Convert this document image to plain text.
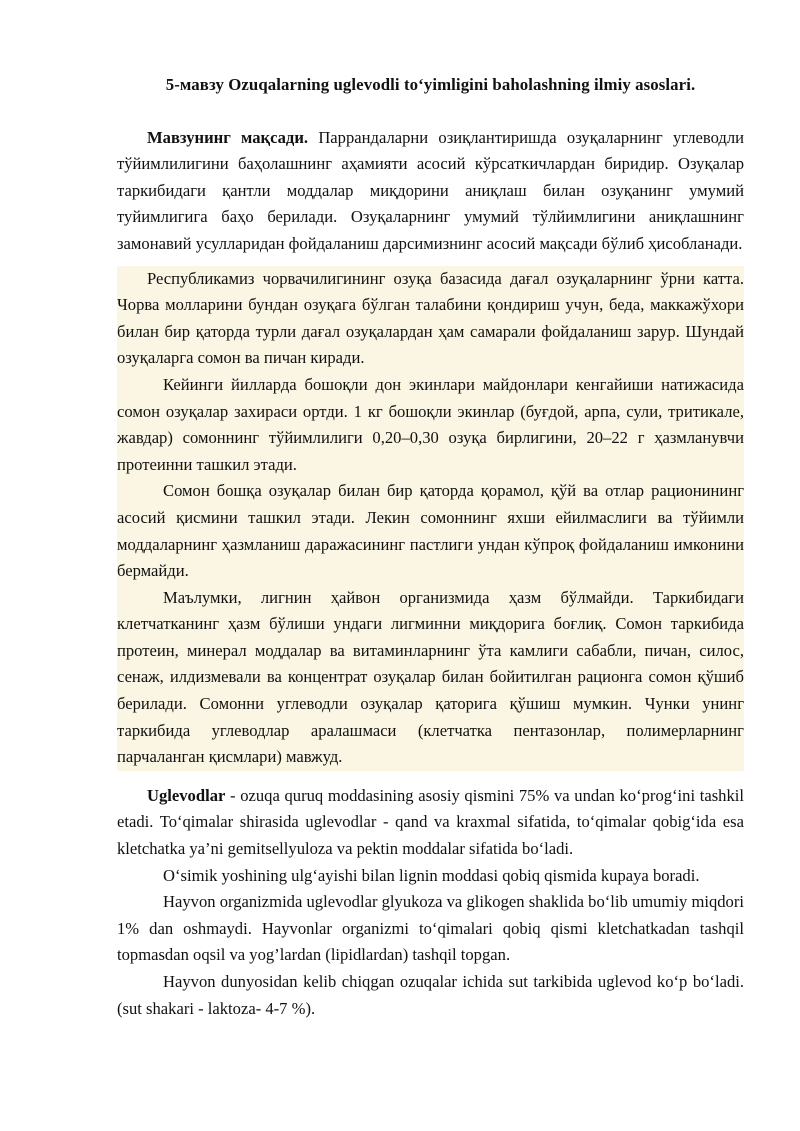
5-мавзу Ozuqalarning uglevodli to‘yimligini baholashning ilmiy asoslari.

Мавзунинг мақсади. Паррандаларни озиқлантиришда озуқаларнинг углеводли тўйимлилигини баҳолашнинг аҳамияти асосий кўрсаткичлардан биридир. Озуқалар таркибидаги қантли моддалар миқдорини аниқлаш билан озуқанинг умумий туйимлигига баҳо берилади. Озуқаларнинг умумий тўлйимлигини аниқлашнинг замонавий усулларидан фойдаланиш дарсимизнинг асосий мақсади бўлиб ҳисобланади.

Республикамиз чорвачилигининг озуқа базасида дағал озуқаларнинг ўрни катта. Чорва молларини бундан озуқага бўлган талабини қондириш учун, беда, маккажўхори билан бир қаторда турли дағал озуқалардан ҳам самарали фойдаланиш зарур. Шундай озуқаларга сомон ва пичан киради.

Кейинги йилларда бошоқли дон экинлари майдонлари кенгайиши натижасида сомон озуқалар захираси ортди. 1 кг бошоқли экинлар (буғдой, арпа, сули, тритикале, жавдар) сомоннинг тўйимлилиги 0,20–0,30 озуқа бирлигини, 20–22 г ҳазмланувчи протеинни ташкил этади.

Сомон бошқа озуқалар билан бир қаторда қорамол, қўй ва отлар рационининг асосий қисмини ташкил этади. Лекин сомоннинг яхши ейилмаслиги ва тўйимли моддаларнинг ҳазмланиш даражасининг пастлиги ундан кўпроқ фойдаланиш имконини бермайди.

Маълумки, лигнин ҳайвон организмида ҳазм бўлмайди. Таркибидаги клетчатканинг ҳазм бўлиши ундаги лигминни миқдорига боғлиқ. Сомон таркибида протеин, минерал моддалар ва витаминларнинг ўта камлиги сабабли, пичан, силос, сенаж, илдизмевали ва концентрат озуқалар билан бойитилган рационга сомон қўшиб берилади. Сомонни углеводли озуқалар қаторига қўшиш мумкин. Чунки унинг таркибида углеводлар аралашмаси (клетчатка пентазонлар, полимерларнинг парчаланган қисмлари) мавжуд.

Uglevodlar - ozuqa quruq moddasining asosiy qismini 75% va undan ko‘prog‘ini tashkil etadi. To‘qimalar shirasida uglevodlar - qand va kraxmal sifatida, to‘qimalar qobig‘ida esa kletchatka ya’ni gemitsellyuloza va pektin moddalar sifatida bo‘ladi.

O‘simik yoshining ulg‘ayishi bilan lignin moddasi qobiq qismida kupaya boradi.

Hayvon organizmida uglevodlar glyukoza va glikogen shaklida bo‘lib umumiy miqdori 1% dan oshmaydi. Hayvonlar organizmi to‘qimalari qobiq qismi kletchatkadan tashqil topmasdan oqsil va yog’lardan (lipidlardan) tashqil topgan.

Hayvon dunyosidan kelib chiqgan ozuqalar ichida sut tarkibida uglevod ko‘p bo‘ladi. (sut shakari - laktoza- 4-7 %).
